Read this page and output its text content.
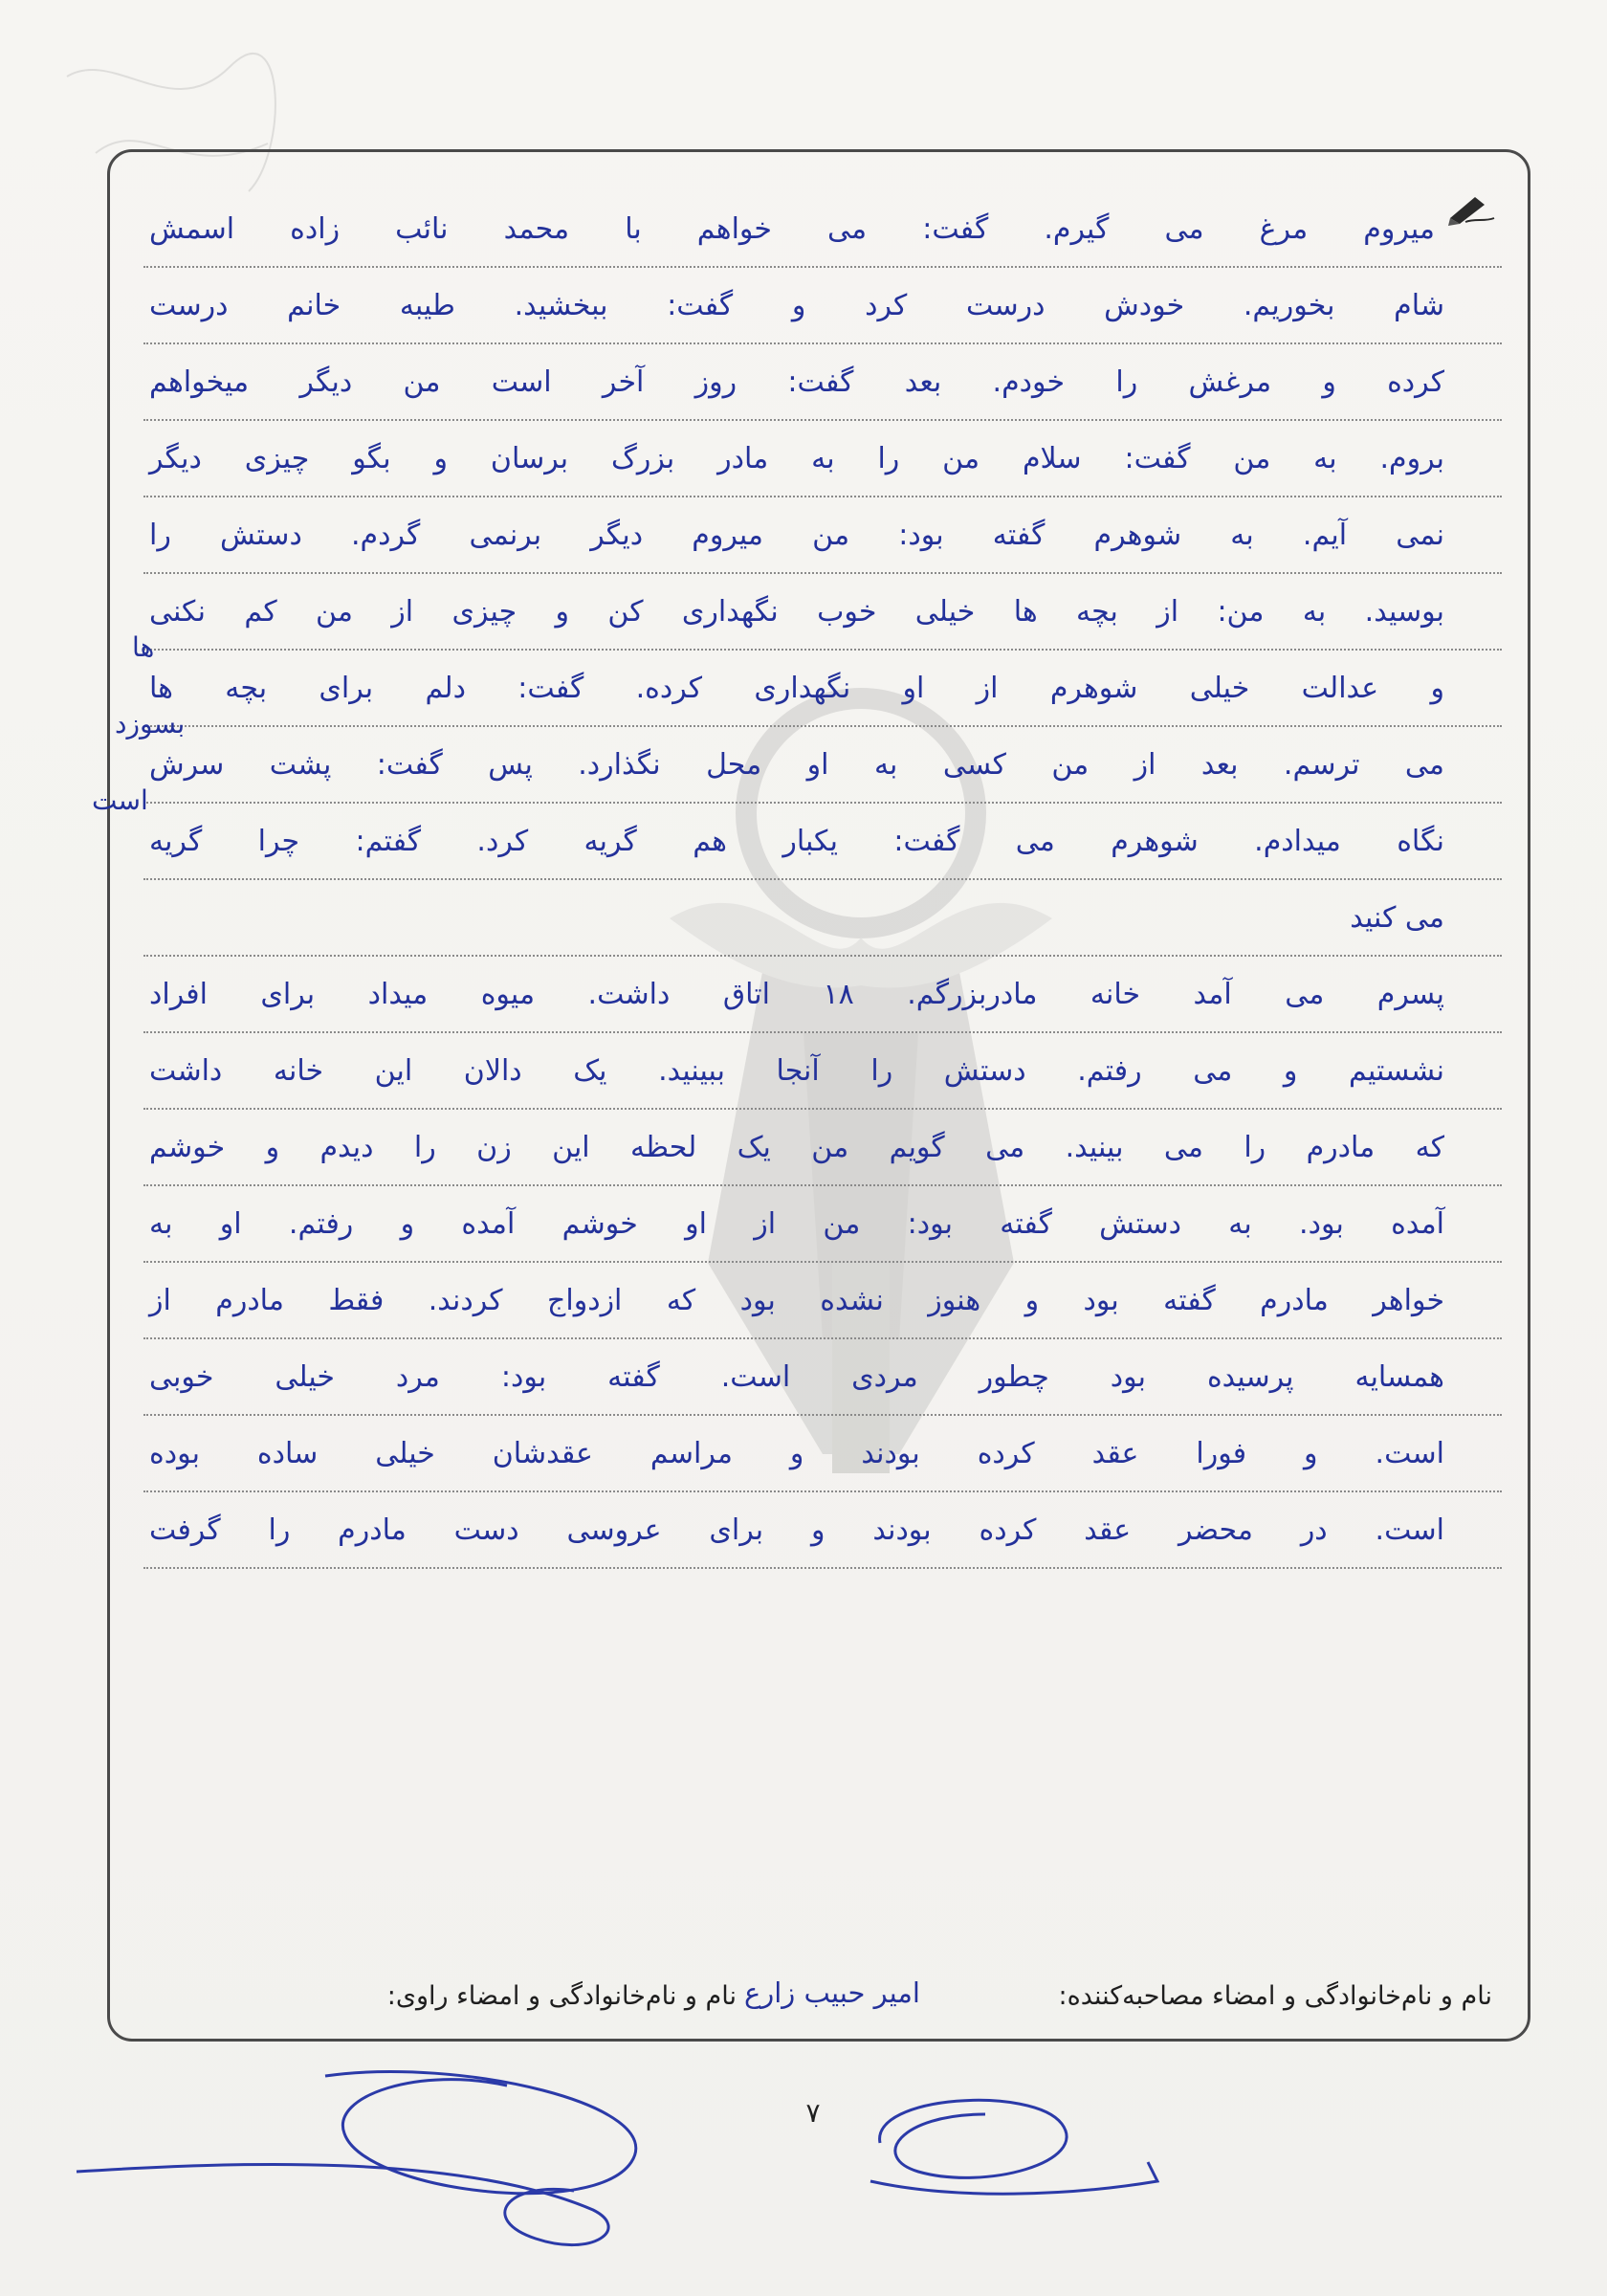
میروم مرغ می گیرم. گفت: می خواهم با محمد نائب زاده اسمش
شام بخوریم. خودش درست کرد و گفت: ببخشید. طیبه خانم درست
کرده و مرغش را خودم. بعد گفت: روز آخر است من دیگر میخواهم
بروم. به من گفت: سلام من را به مادر بزرگ برسان و بگو چیزی دیگر
نمی آیم. به شوهرم گفته بود: من میروم دیگر برنمی گردم. دستش را
بوسید. به من: از بچه ها خیلی خوب نگهداری کن و چیزی از من کم نکنی
و عدالت خیلی شوهرم از او نگهداری کرده. گفت: دلم برای بچه ها
می ترسم. بعد از من کسی به او محل نگذارد. پس گفت: پشت سرش
نگاه میدادم. شوهرم می گفت: یکبار هم گریه کرد. گفتم: چرا گریه
می کنید
پسرم می آمد خانه مادربزرگم. ۱۸ اتاق داشت. میوه میداد برای افراد
نشستیم و می رفتم. دستش را آنجا ببینید. یک دالان این خانه داشت
که مادرم را می بینید. می گویم من یک لحظه این زن را دیدم و خوشم
آمده بود. به دستش گفته بود: من از او خوشم آمده و رفتم. او به
خواهر مادرم گفته بود و هنوز نشده بود که ازدواج کردند. فقط مادرم از
همسایه پرسیده بود چطور مردی است. گفته بود: مرد خیلی خوبی
است. و فورا عقد کرده بودند و مراسم عقدشان خیلی ساده بوده
است. در محضر عقد کرده بودند و برای عروسی دست مادرم را گرفت
ها
بسوزد
است
نام و نام‌خانوادگی و امضاء مصاحبه‌کننده:
امیر حبیب زارع
نام و نام‌خانوادگی و امضاء راوی:
۷
